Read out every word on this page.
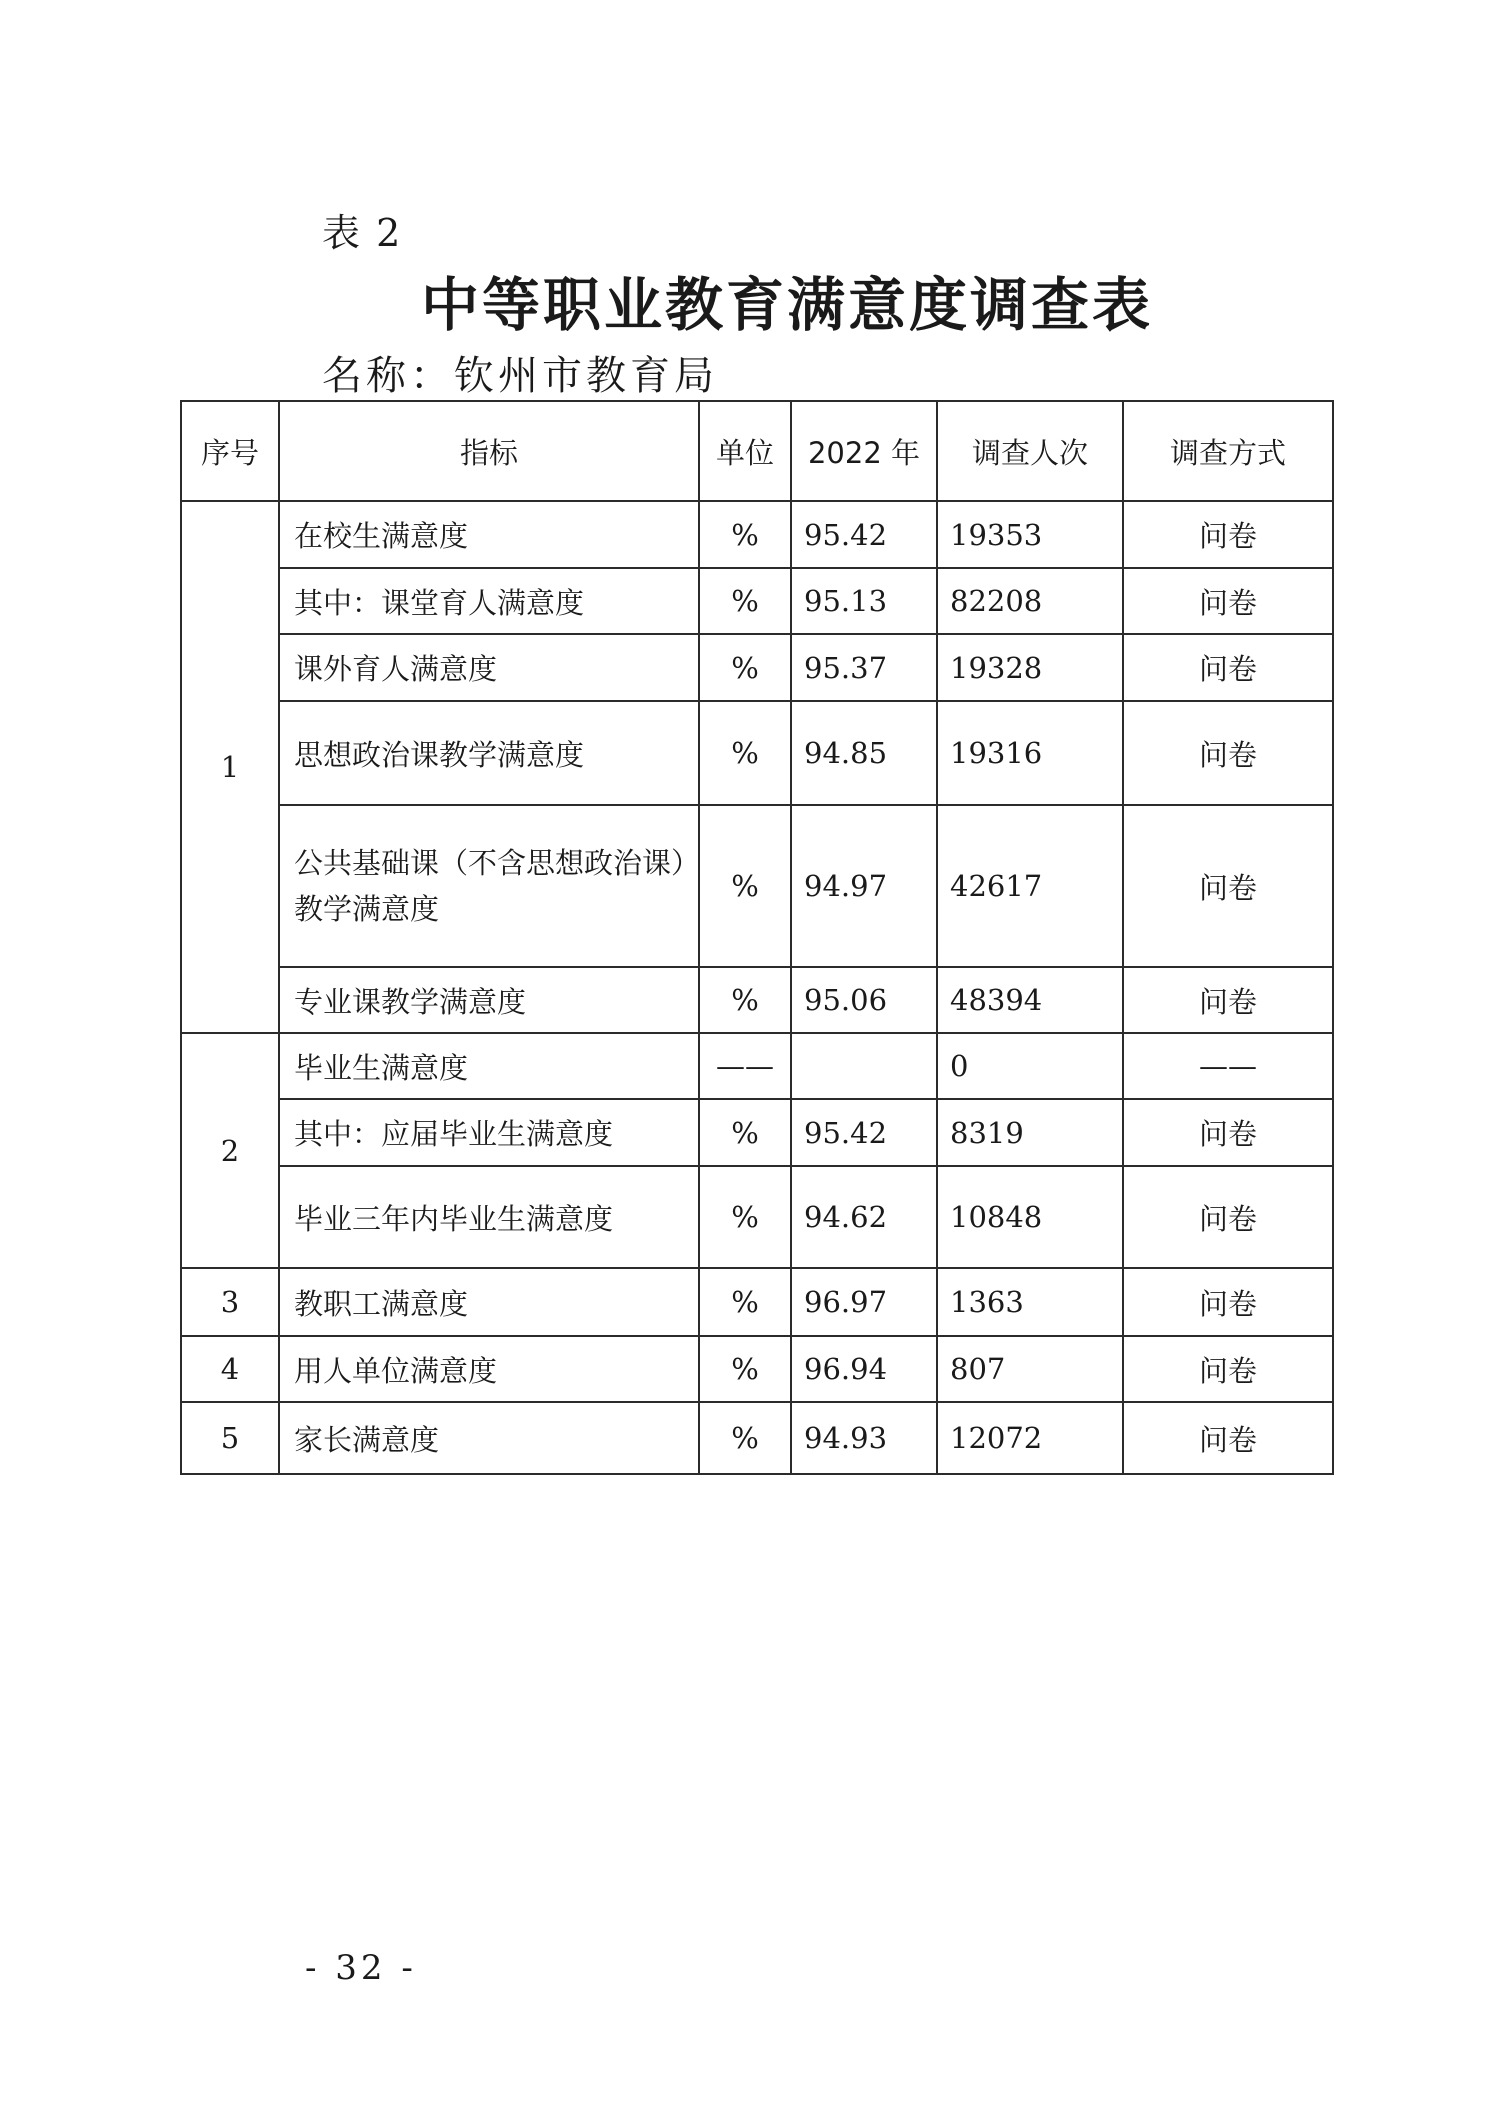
表 2
中等职业教育满意度调查表
名称：钦州市教育局
序号	指标	单位	2022 年	调查人次	调查方式
1	在校生满意度	%	95.42	19353	问卷
	其中：课堂育人满意度	%	95.13	82208	问卷
	课外育人满意度	%	95.37	19328	问卷
	思想政治课教学满意度	%	94.85	19316	问卷

	公共基础课（不含思想政治课）
教学满意度	%	94.97	42617	问卷
	专业课教学满意度	%	95.06	48394	问卷
2	毕业生满意度	——		0	——
	其中：应届毕业生满意度	%	95.42	8319	问卷
	毕业三年内毕业生满意度	%	94.62	10848	问卷
3	教职工满意度	%	96.97	1363	问卷
4	用人单位满意度	%	96.94	807	问卷
5	家长满意度	%	94.93	12072	问卷
- 32 -
